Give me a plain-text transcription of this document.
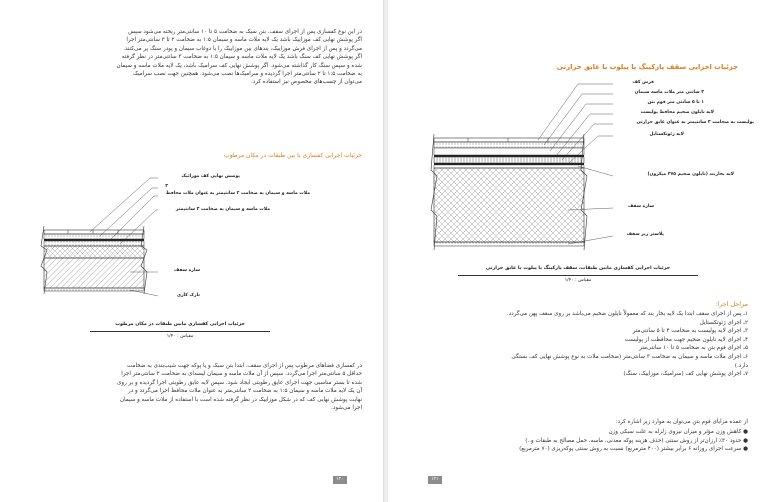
در این نوع کفسازی پس از اجرای سقف، بتن سبک به ضخامت ۵ تا ۱۰ سانتی‌متر ریخته می‌شود سپس
اگر پوشش نهایی کف موزاییک باشد یک لایه ملات ماسه و سیمان ۱:۵ به ضخامت ۲ تا ۳ سانتی‌متر اجرا
می‌گردد و پس از اجرای فرش موزاییک، بندهای بین موزاییک را با دوغاب سیمان و پودر سنگ پر می‌کنند.
اگر پوشش نهایی کف سنگ باشد یک لایه ملات ماسه و سیمان ۱:۵ به ضخامت ۳ سانتی‌متر در نظر گرفته
شده و سپس سنگ کار گذاشته می‌شود. اگر پوشش نهایی کف سرامیک باشد، یک لایه ملات ماسه و سیمان
به ضخامت ۱:۵ تا ۲ سانتی‌متر اجرا گردیده و سرامیک‌ها نصب می‌شود. همچنین جهت نصب سرامیک
می‌توان از چسب‌های مخصوص نیز استفاده کرد.
جزئیات اجرایی کفسازی با بین طبقات در مکان مرطوب
پوشش نهایی کف موزائیک
۳
ملات ماسه و سیمان به ضخامت ۲ سانتیمتر به عنوان ملات محافظ
ملات ماسه و سیمان به ضخامت ۳ سانتیمتر
سازه سقف
نازک کاری
جزئیات اجرایی کفسازی مابین طبقات در مکان مرطوب
مقیاس : ۱/۴۰
در کفسازی فضاهای مرطوب پس از اجرای سقف، ابتدا بتن سبک و یا پوکه جهت شیب‌بندی به ضخامت
حداقل ۵ سانتی‌متر اجرا می‌گردد. سپس از آن ملات ماسه و سیمان لیسه‌ای به ضخامت ۲ سانتی‌متر اجرا
شده تا بستر مناسبی جهت اجرای عایق رطوبتی ایجاد شود. سپس لایه عایق رطوبتی اجرا گردیده و بر روی
آن یک لایه ملات ماسه و سیمان ۱:۵ به ضخامت ۲ سانتی‌متر به عنوان ملات محافظ اجرا می‌گردد و در
نهایت پوشش نهایی کف که در شکل موزاییک در نظر گرفته شده است با استفاده از ملات ماسه و سیمان
اجرا می‌شود.
۱۲۰
جزئیات اجرایی سقف پارکینگ با پیلوت با عایق حرارتی
فرش کف
۳ سانتی متر ملات ماسه سیمان
۱ تا ۵ سانتی متر فوم بتن
لایه نایلون ضخیم محافظ پولیست
پولیست به ضخامت ۳ سانتیمتر به عنوان عایق حرارتی
لایه ژئوتکستایل
لایه بخاربند (نایلون ضخیم ۳۷۵ میکرون)
سازه سقف
پلاستر زیر سقف
جزئیات اجرایی کفسازی مابین طبقات، سقف پارکینگ با پیلوت با عایق حرارتی
مقیاس : ۱/۴۰
مراحل اجرا:
۱ـ پس از اجرای سقف ابتدا یک لایه بخار بند که معمولاً نایلون ضخیم می‌باشد بر روی سقف پهن می‌گردد.
۲ـ اجرای ژئوتکستایل
۳ـ اجرای لایه پولیست به ضخامت ۴ تا ۵ سانتی‌متر
۴ـ اجرای لایه نایلون ضخیم جهت محافظت از پولیست
۵ـ اجرای فوم بتن به ضخامت ۵ تا ۱۰ سانتی‌متر
۶ـ اجرای ملات ماسه و سیمان به ضخامت ۳ سانتی‌متر (ضخامت ملات به نوع پوشش نهایی کف بستگی
دارد.)
۷ـ اجرای پوشش نهایی کف (سرامیک، موزاییک، سنگ)
از عمده مزایای فوم بتن می‌توان به موارد زیر اشاره کرد:
● کاهش وزن مؤثر و میزان نیروی زلزله به علت سبکی وزن
● حدود ۳۰٪ ارزان‌تر از روش سنتی (حذف هزینه پوکه معدنی، ماسه، حمل مصالح به طبقات و..)
● سرعت اجرای روزانه ۶ برابر بیشتر (۴۰۰ مترمربع) نسبت به روش سنتی پوکه‌ریزی (۷۰ مترمربع)
۱۲۱
